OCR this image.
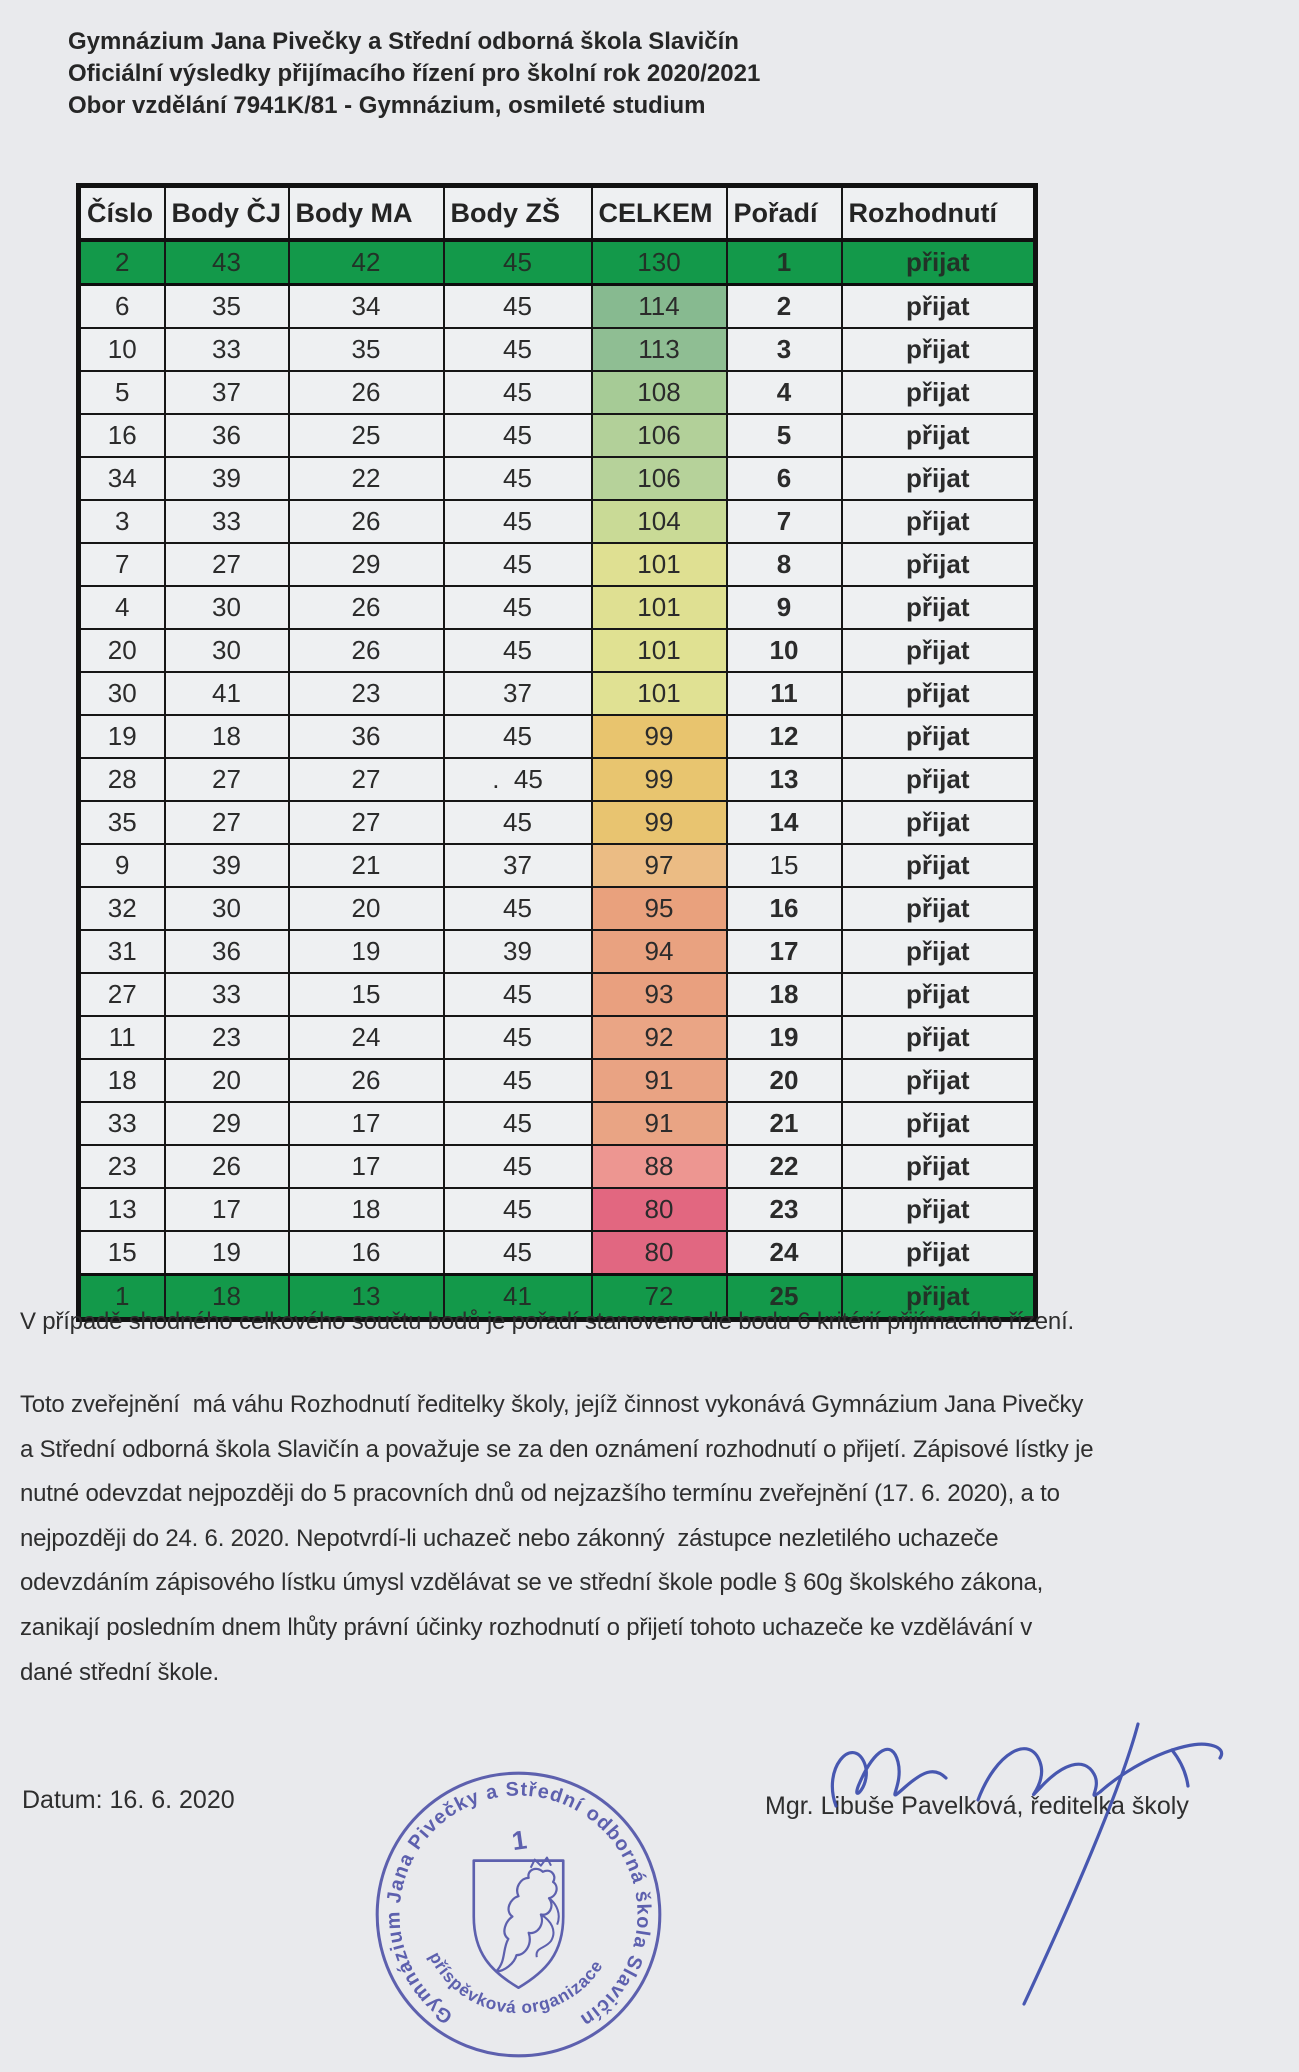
Gymnázium Jana Pivečky a Střední odborná škola Slavičín
Oficiální výsledky přijímacího řízení pro školní rok 2020/2021
Obor vzdělání 7941K/81 - Gymnázium, osmileté studium
Číslo	Body ČJ	Body MA	Body ZŠ	CELKEM	Pořadí	Rozhodnutí
2	43	42	45	130	1	přijat
6	35	34	45	114	2	přijat
10	33	35	45	113	3	přijat
5	37	26	45	108	4	přijat
16	36	25	45	106	5	přijat
34	39	22	45	106	6	přijat
3	33	26	45	104	7	přijat
7	27	29	45	101	8	přijat
4	30	26	45	101	9	přijat
20	30	26	45	101	10	přijat
30	41	23	37	101	11	přijat
19	18	36	45	99	12	přijat
28	27	27	.  45	99	13	přijat
35	27	27	45	99	14	přijat
9	39	21	37	97	15	přijat
32	30	20	45	95	16	přijat
31	36	19	39	94	17	přijat
27	33	15	45	93	18	přijat
11	23	24	45	92	19	přijat
18	20	26	45	91	20	přijat
33	29	17	45	91	21	přijat
23	26	17	45	88	22	přijat
13	17	18	45	80	23	přijat
15	19	16	45	80	24	přijat
1	18	13	41	72	25	přijat
V případě shodného celkového součtu bodů je pořadí stanoveno dle bodu 6 kritérií přijímacího řízení.
Toto zveřejnění  má váhu Rozhodnutí ředitelky školy, jejíž činnost vykonává Gymnázium Jana Pivečky
a Střední odborná škola Slavičín a považuje se za den oznámení rozhodnutí o přijetí. Zápisové lístky je
nutné odevzdat nejpozději do 5 pracovních dnů od nejzazšího termínu zveřejnění (17. 6. 2020), a to
nejpozději do 24. 6. 2020. Nepotvrdí-li uchazeč nebo zákonný  zástupce nezletilého uchazeče
odevzdáním zápisového lístku úmysl vzdělávat se ve střední škole podle § 60g školského zákona,
zanikají posledním dnem lhůty právní účinky rozhodnutí o přijetí tohoto uchazeče ke vzdělávání v
dané střední škole.
Datum: 16. 6. 2020	Mgr. Libuše Pavelková, ředitelka školy
Gymnázium Jana Pivečky a Střední odborná škola Slavičín
příspěvková organizace
1
